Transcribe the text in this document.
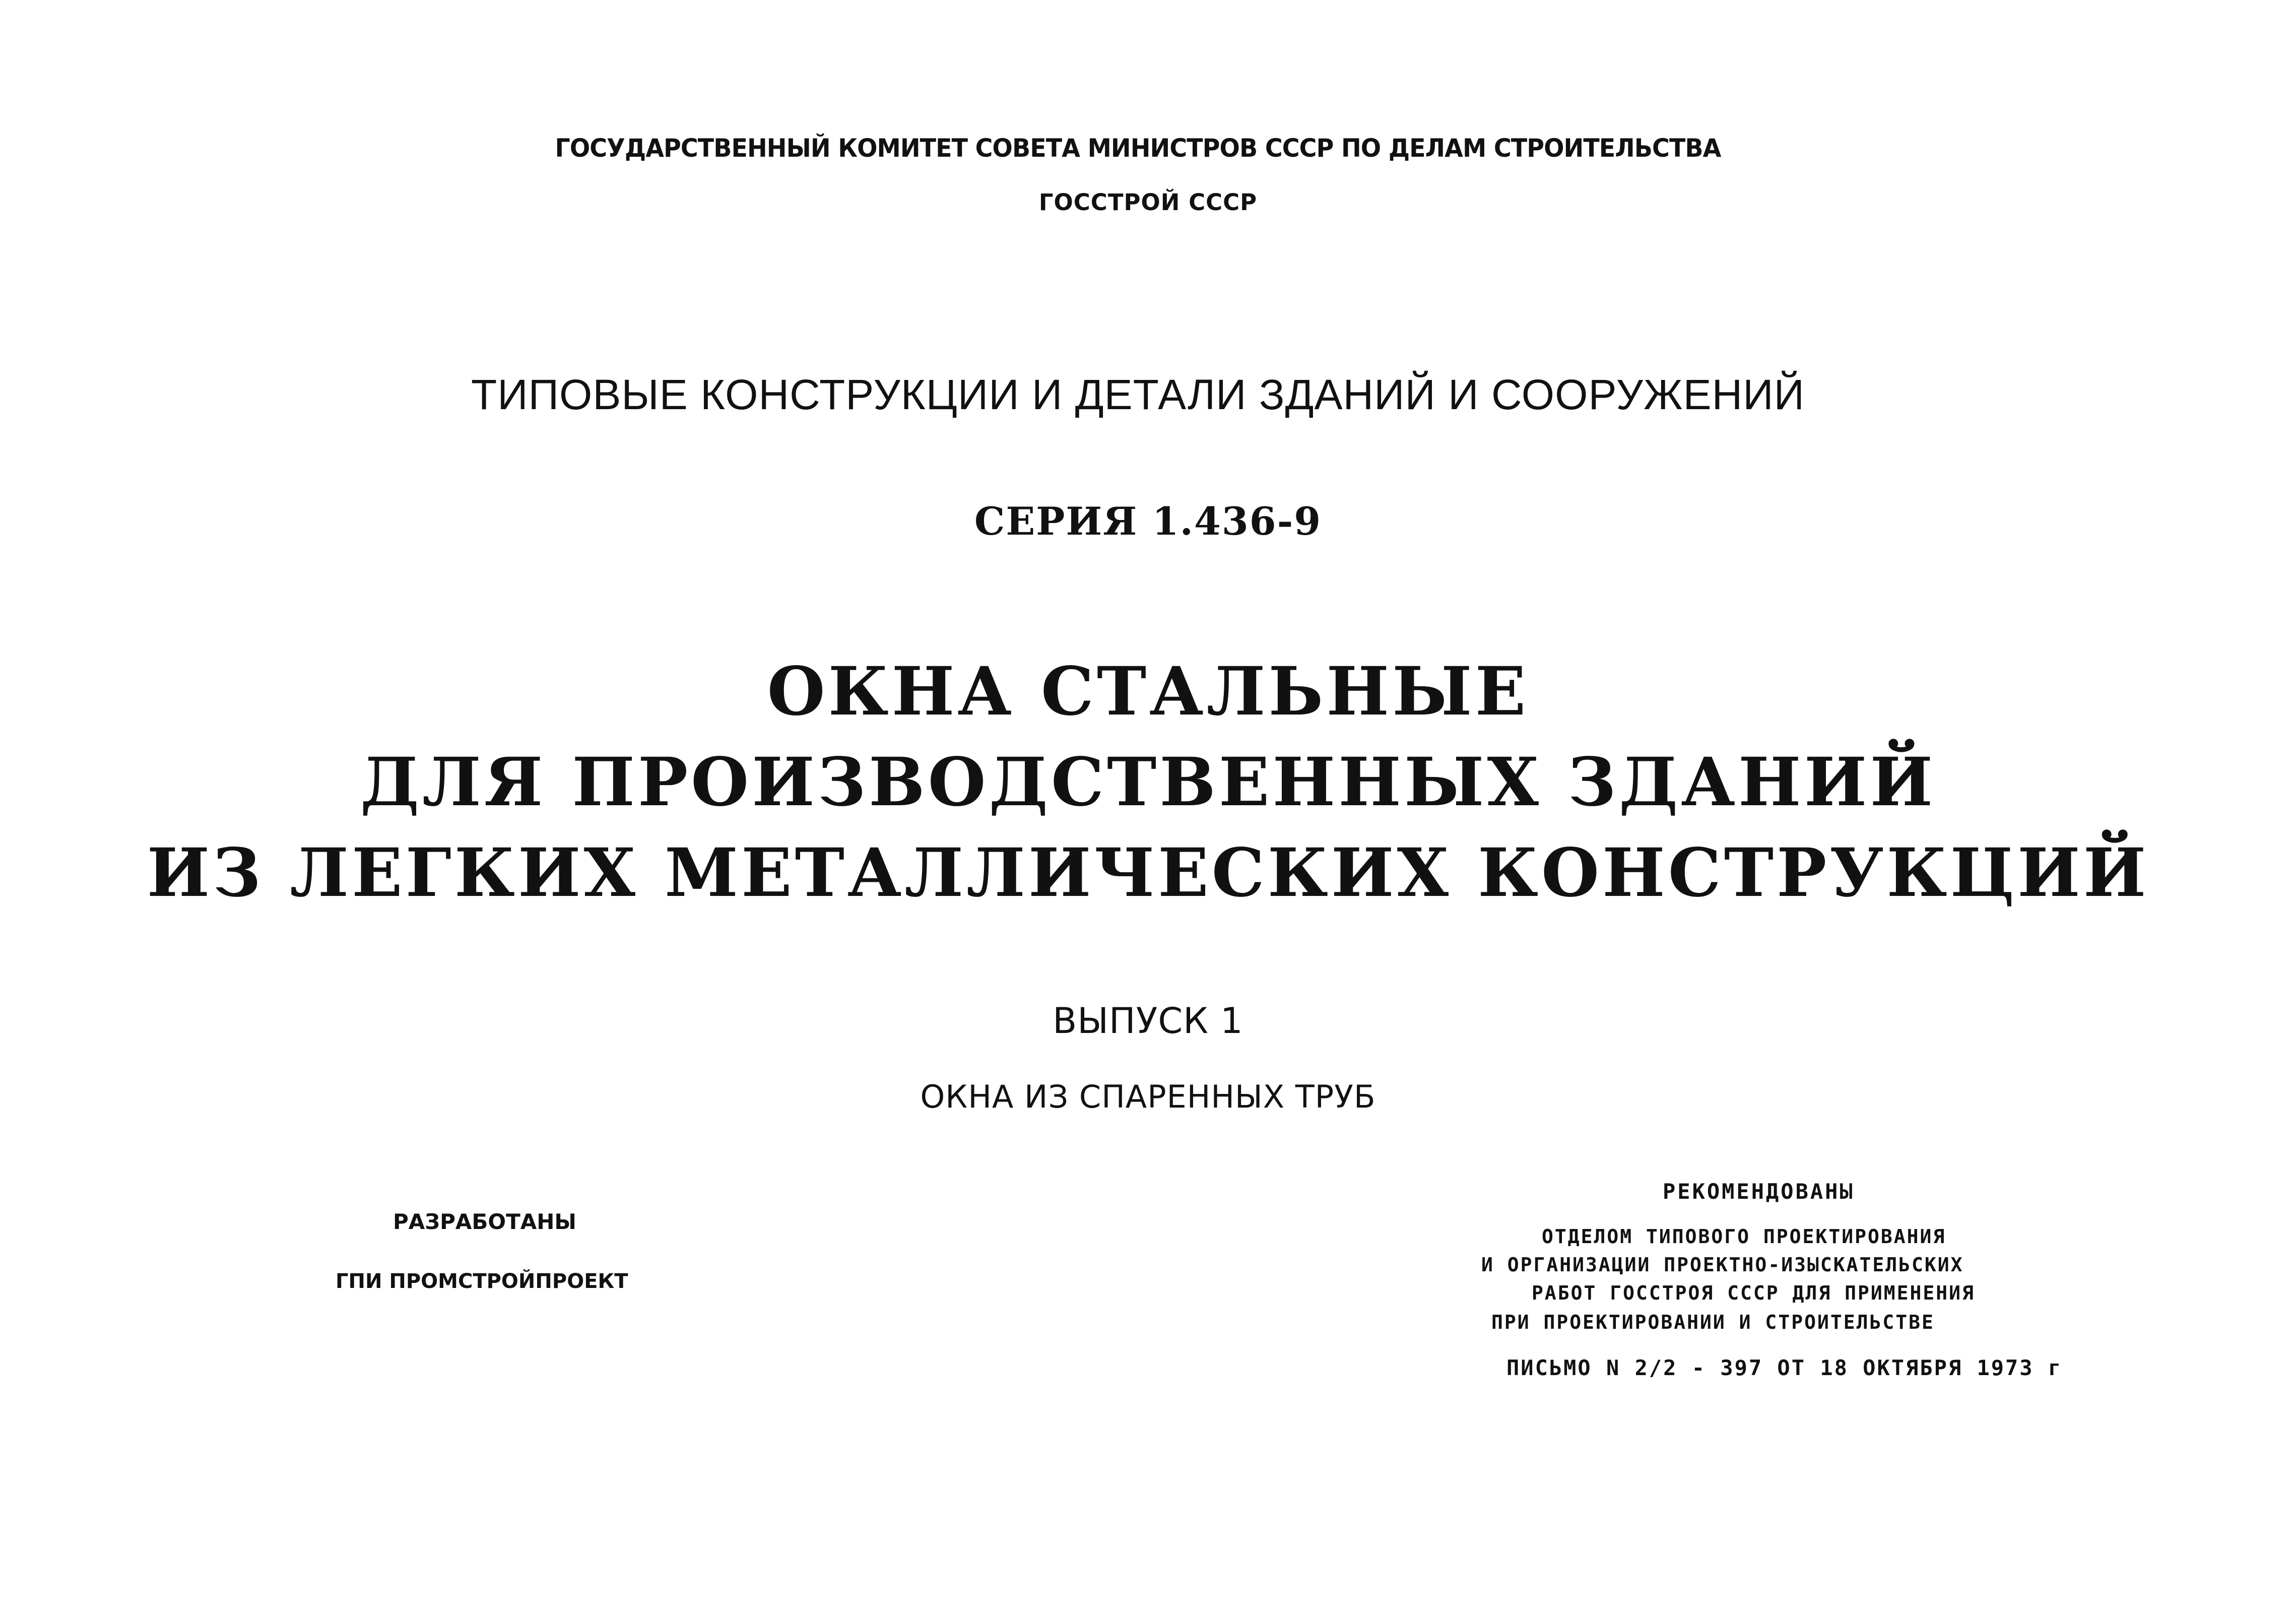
ГОСУДАРСТВЕННЫЙ КОМИТЕТ СОВЕТА МИНИСТРОВ СССР ПО ДЕЛАМ СТРОИТЕЛЬСТВА
ГОССТРОЙ СССР
ТИПОВЫЕ КОНСТРУКЦИИ И ДЕТАЛИ ЗДАНИЙ И СООРУЖЕНИЙ
СЕРИЯ 1.436-9
ОКНА СТАЛЬНЫЕ
ДЛЯ ПРОИЗВОДСТВЕННЫХ ЗДАНИЙ
ИЗ ЛЕГКИХ МЕТАЛЛИЧЕСКИХ КОНСТРУКЦИЙ
ВЫПУСК 1
ОКНА ИЗ СПАРЕННЫХ ТРУБ
РАЗРАБОТАНЫ
ГПИ ПРОМСТРОЙПРОЕКТ
РЕКОМЕНДОВАНЫ
ОТДЕЛОМ ТИПОВОГО ПРОЕКТИРОВАНИЯ
И ОРГАНИЗАЦИИ ПРОЕКТНО-ИЗЫСКАТЕЛЬСКИХ
РАБОТ ГОССТРОЯ СССР ДЛЯ ПРИМЕНЕНИЯ
ПРИ ПРОЕКТИРОВАНИИ И СТРОИТЕЛЬСТВЕ
ПИСЬМО N 2/2 - 397 ОТ 18 ОКТЯБРЯ 1973 г
